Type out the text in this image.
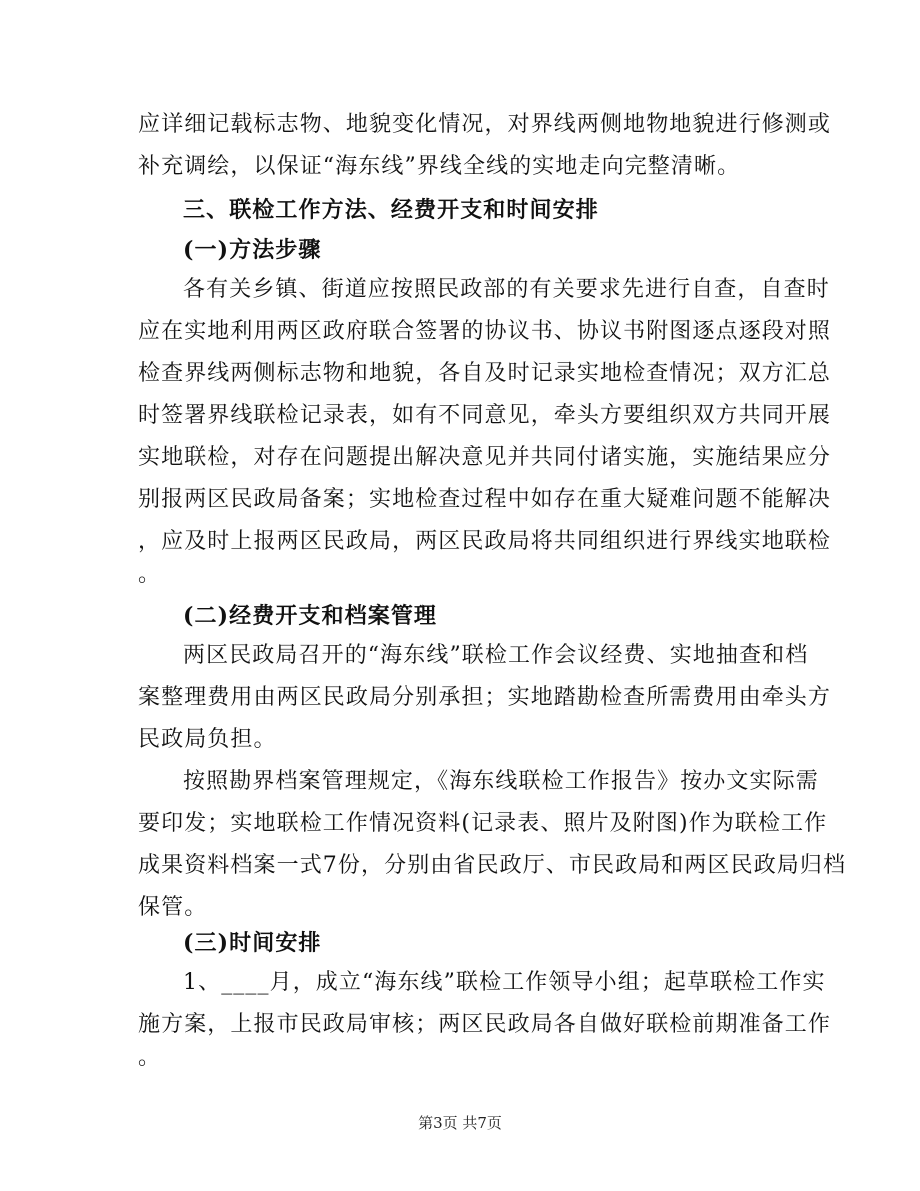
应详细记载标志物、地貌变化情况，对界线两侧地物地貌进行修测或
补充调绘，以保证“海东线”界线全线的实地走向完整清晰。
三、联检工作方法、经费开支和时间安排
(一)方法步骤
各有关乡镇、街道应按照民政部的有关要求先进行自查，自查时
应在实地利用两区政府联合签署的协议书、协议书附图逐点逐段对照
检查界线两侧标志物和地貌，各自及时记录实地检查情况；双方汇总
时签署界线联检记录表，如有不同意见，牵头方要组织双方共同开展
实地联检，对存在问题提出解决意见并共同付诸实施，实施结果应分
别报两区民政局备案；实地检查过程中如存在重大疑难问题不能解决
，应及时上报两区民政局，两区民政局将共同组织进行界线实地联检
。
(二)经费开支和档案管理
两区民政局召开的“海东线”联检工作会议经费、实地抽查和档
案整理费用由两区民政局分别承担；实地踏勘检查所需费用由牵头方
民政局负担。
按照勘界档案管理规定，《海东线联检工作报告》按办文实际需
要印发；实地联检工作情况资料(记录表、照片及附图)作为联检工作
成果资料档案一式7份，分别由省民政厅、市民政局和两区民政局归档
保管。
(三)时间安排
1、____月，成立“海东线”联检工作领导小组；起草联检工作实
施方案，上报市民政局审核；两区民政局各自做好联检前期准备工作
。
第3页 共7页
